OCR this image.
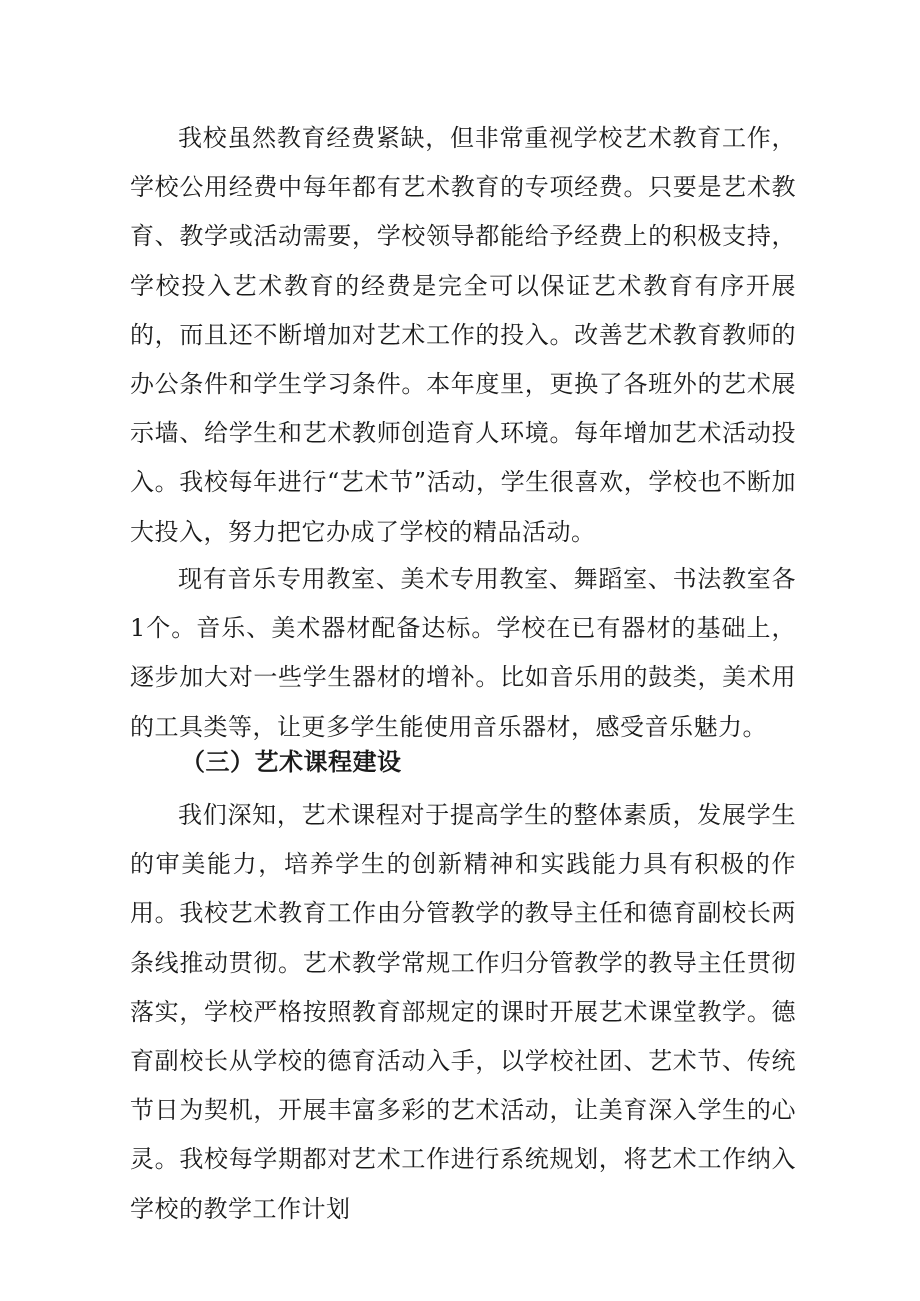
我校虽然教育经费紧缺，但非常重视学校艺术教育工作，学校公用经费中每年都有艺术教育的专项经费。只要是艺术教育、教学或活动需要，学校领导都能给予经费上的积极支持，学校投入艺术教育的经费是完全可以保证艺术教育有序开展的，而且还不断增加对艺术工作的投入。改善艺术教育教师的办公条件和学生学习条件。本年度里，更换了各班外的艺术展示墙、给学生和艺术教师创造育人环境。每年增加艺术活动投入。我校每年进行“艺术节”活动，学生很喜欢，学校也不断加大投入，努力把它办成了学校的精品活动。

现有音乐专用教室、美术专用教室、舞蹈室、书法教室各1个。音乐、美术器材配备达标。学校在已有器材的基础上，逐步加大对一些学生器材的增补。比如音乐用的鼓类，美术用的工具类等，让更多学生能使用音乐器材，感受音乐魅力。

（三）艺术课程建设

我们深知，艺术课程对于提高学生的整体素质，发展学生的审美能力，培养学生的创新精神和实践能力具有积极的作用。我校艺术教育工作由分管教学的教导主任和德育副校长两条线推动贯彻。艺术教学常规工作归分管教学的教导主任贯彻落实，学校严格按照教育部规定的课时开展艺术课堂教学。德育副校长从学校的德育活动入手，以学校社团、艺术节、传统节日为契机，开展丰富多彩的艺术活动，让美育深入学生的心灵。我校每学期都对艺术工作进行系统规划，将艺术工作纳入学校的教学工作计划
